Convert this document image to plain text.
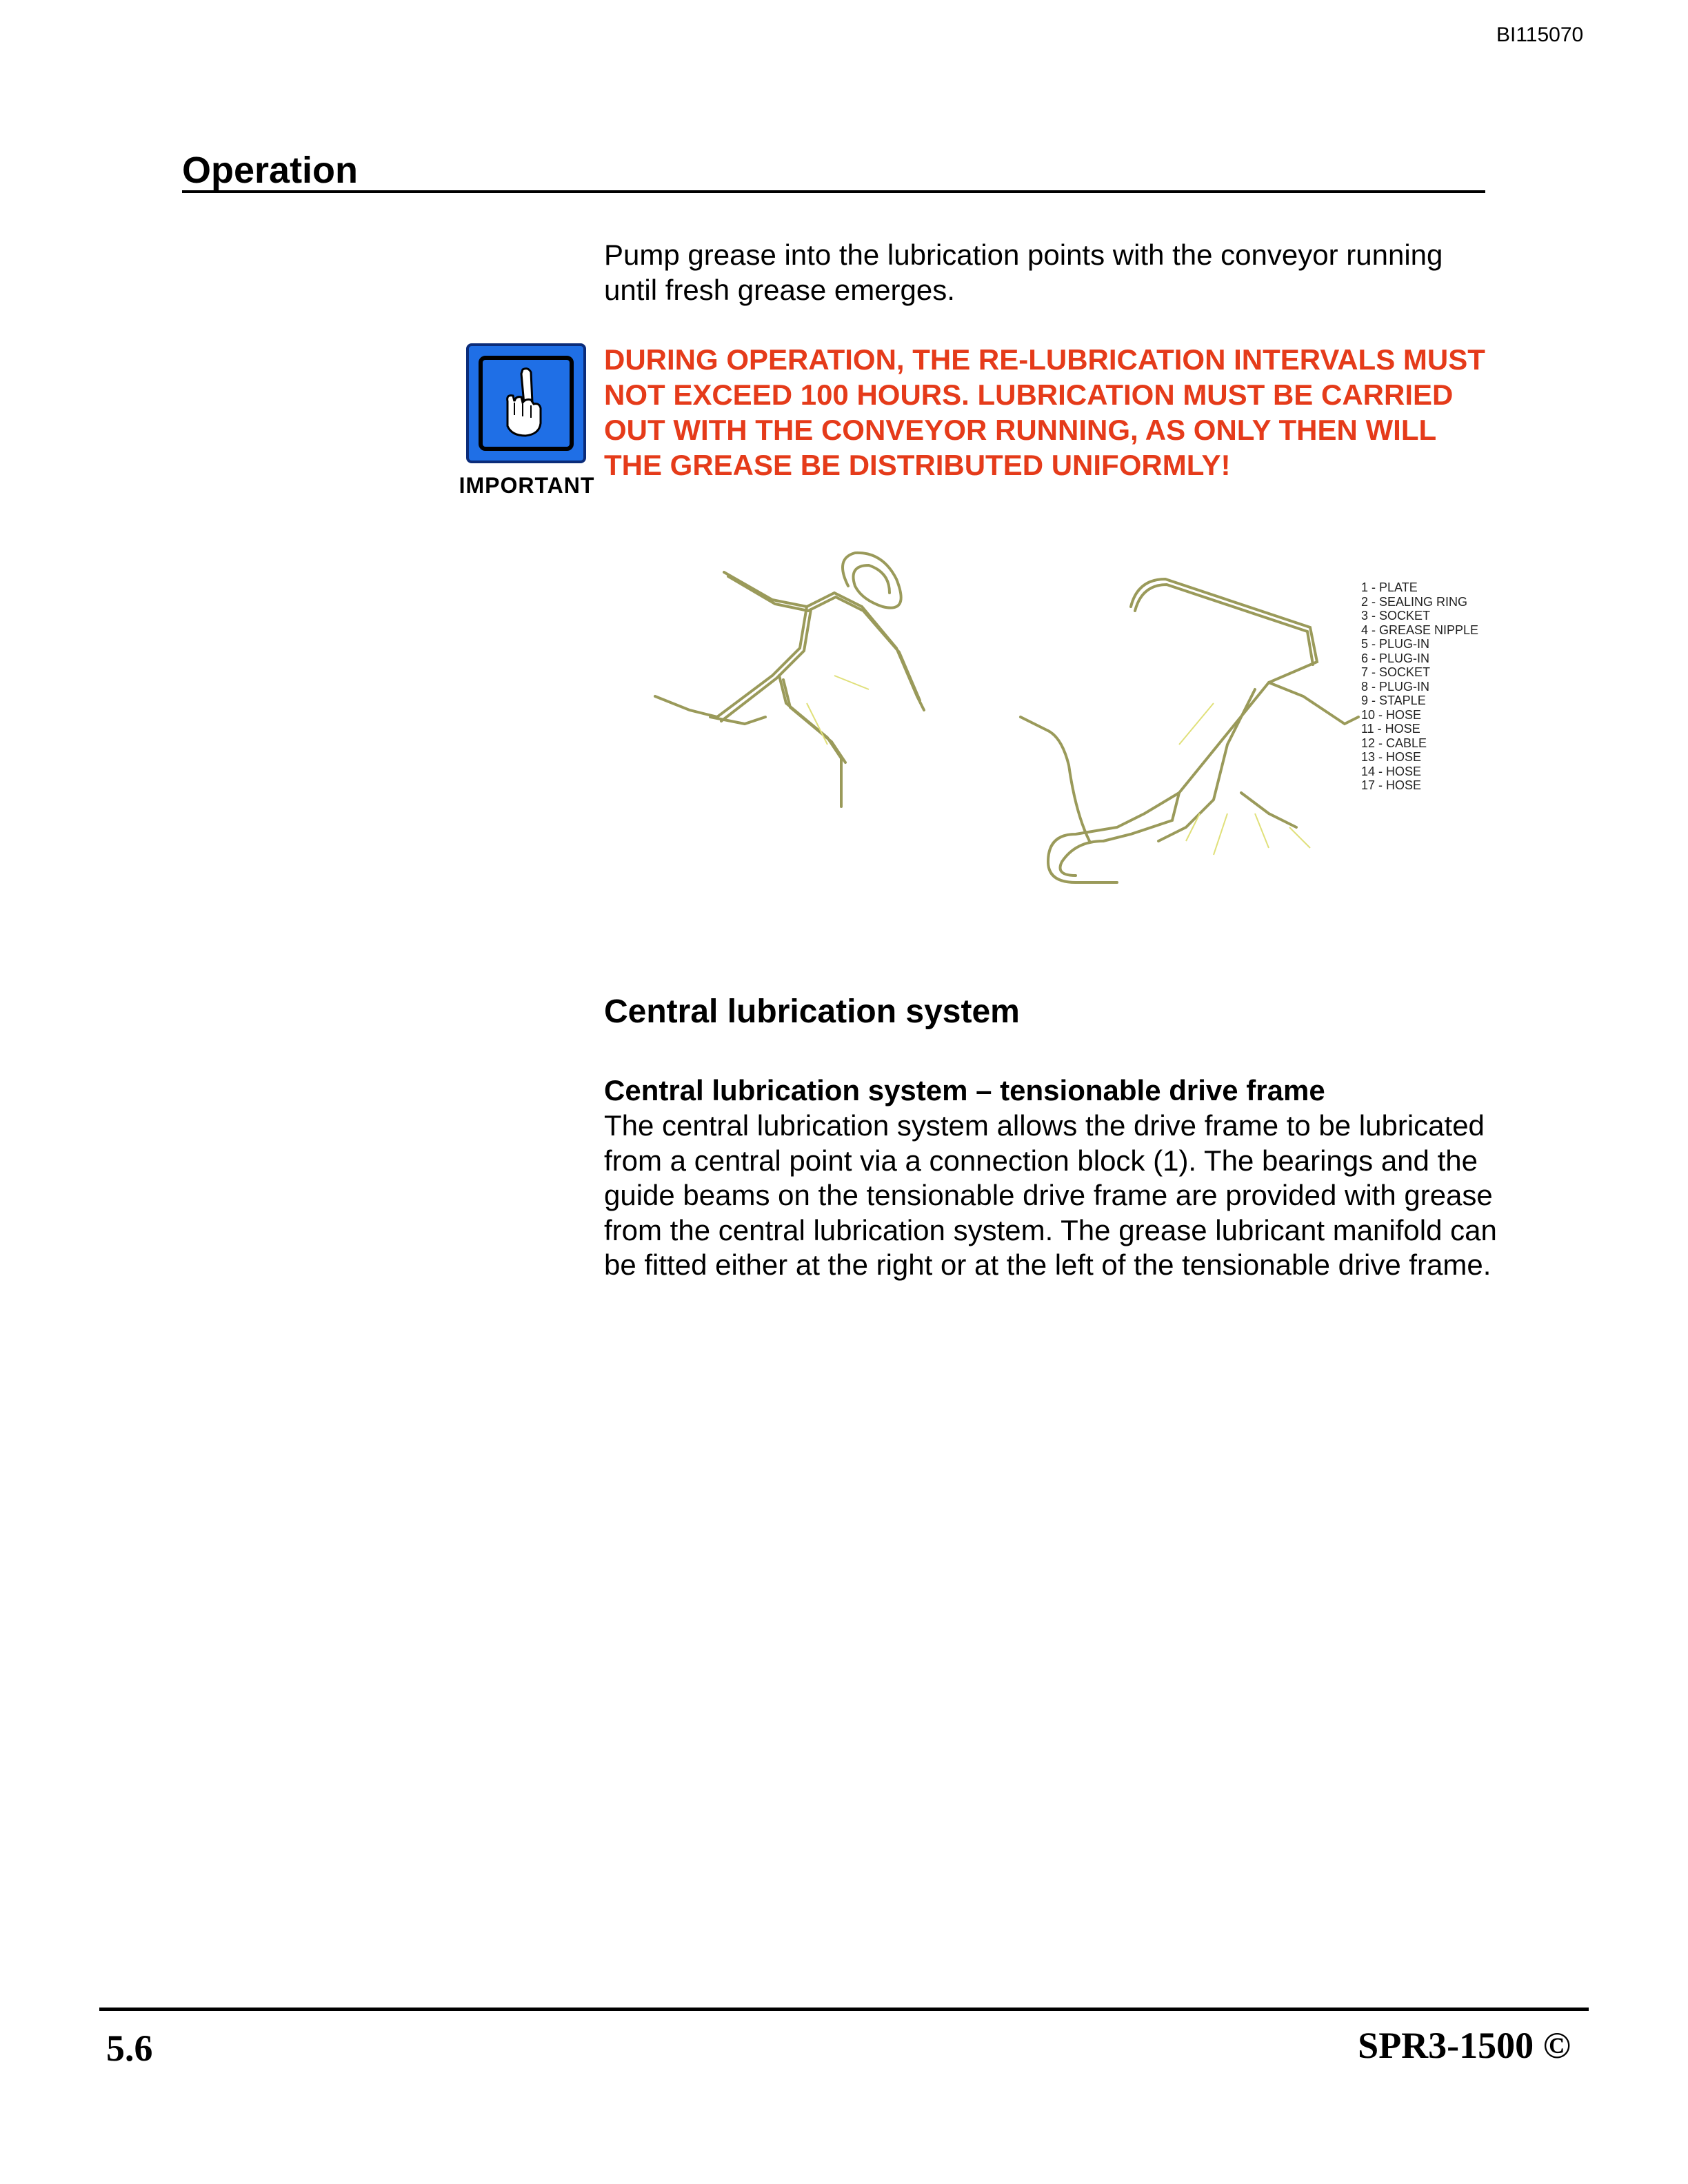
BI115070
Operation
Pump grease into the lubrication points with the conveyor running until fresh grease emerges.
IMPORTANT
DURING OPERATION, THE RE-LUBRICATION INTERVALS MUST NOT EXCEED 100 HOURS. LUBRICATION MUST BE CARRIED OUT WITH THE CONVEYOR RUNNING, AS ONLY THEN WILL THE GREASE BE DISTRIBUTED UNIFORMLY!
1 - PLATE
2 - SEALING RING
3 - SOCKET
4 - GREASE NIPPLE
5 - PLUG-IN
6 - PLUG-IN
7 - SOCKET
8 - PLUG-IN
9 - STAPLE
10 - HOSE
11 - HOSE
12 - CABLE
13 - HOSE
14 - HOSE
17 - HOSE
Central lubrication system
Central lubrication system – tensionable drive frame
The central lubrication system allows the drive frame to be lubricated from a central point via a connection block (1). The bearings and the guide beams on the tensionable drive frame are provided with grease from the central lubrication system. The grease lubricant manifold can be fitted either at the right or at the left of the tensionable drive frame.
5.6	SPR3-1500 ©
